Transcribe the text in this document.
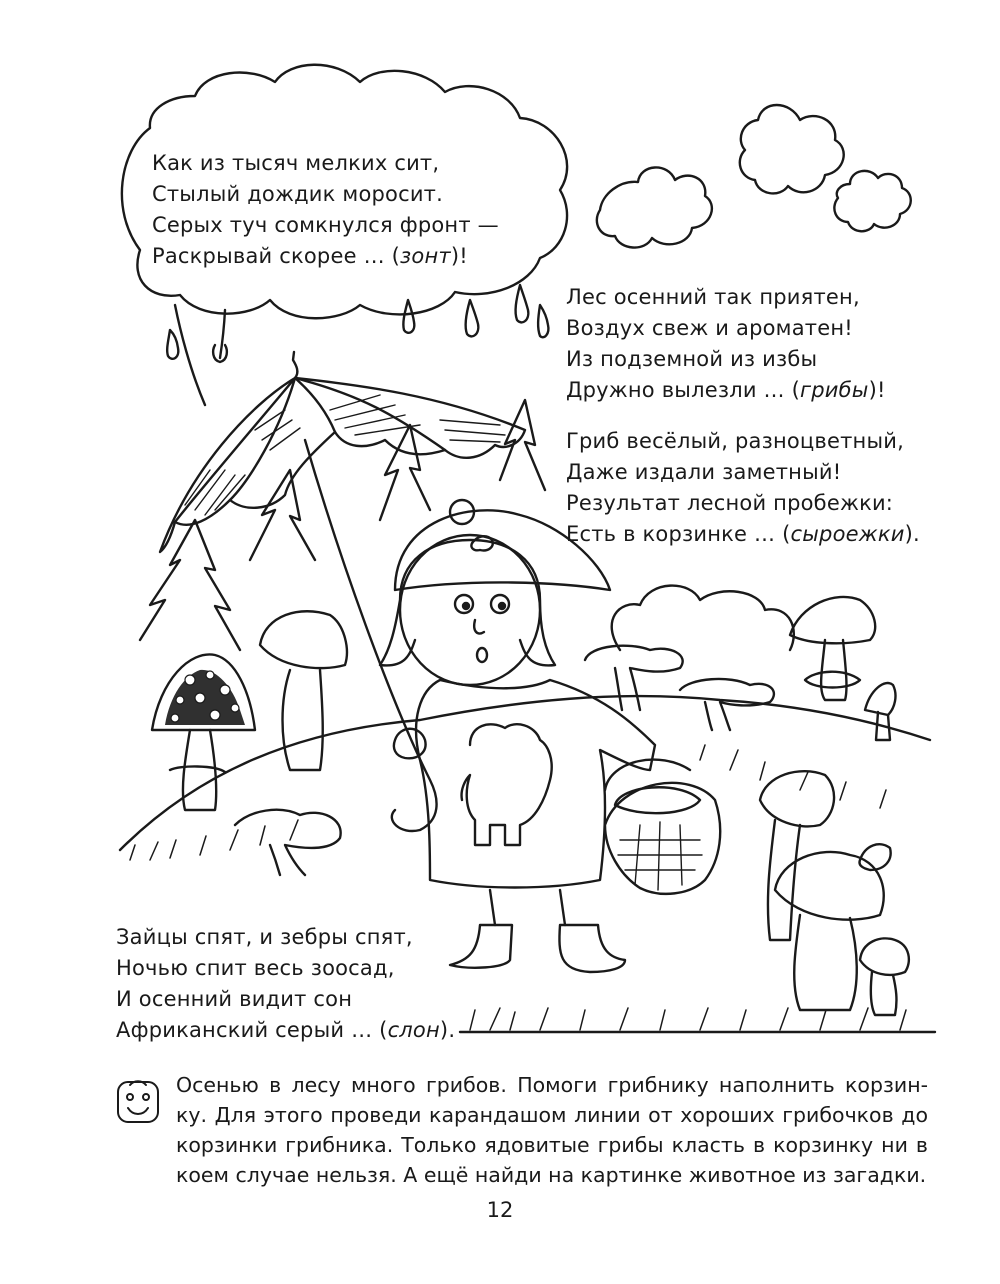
Как из тысяч мелких сит,
Стылый дождик моросит.
Серых туч сомкнулся фронт —
Раскрывай скорее … (зонт)!
Лес осенний так приятен,
Воздух свеж и ароматен!
Из подземной из избы
Дружно вылезли … (грибы)!
Гриб весёлый, разноцветный,
Даже издали заметный!
Результат лесной пробежки:
Есть в корзинке … (сыроежки).
Зайцы спят, и зебры спят,
Ночью спит весь зоосад,
И осенний видит сон
Африканский серый … (слон).
Осенью в лесу много грибов. Помоги грибнику наполнить корзин-
ку. Для этого проведи карандашом линии от хороших грибочков до
корзинки грибника. Только ядовитые грибы класть в корзинку ни в
коем случае нельзя. А ещё найди на картинке животное из загадки.
12
